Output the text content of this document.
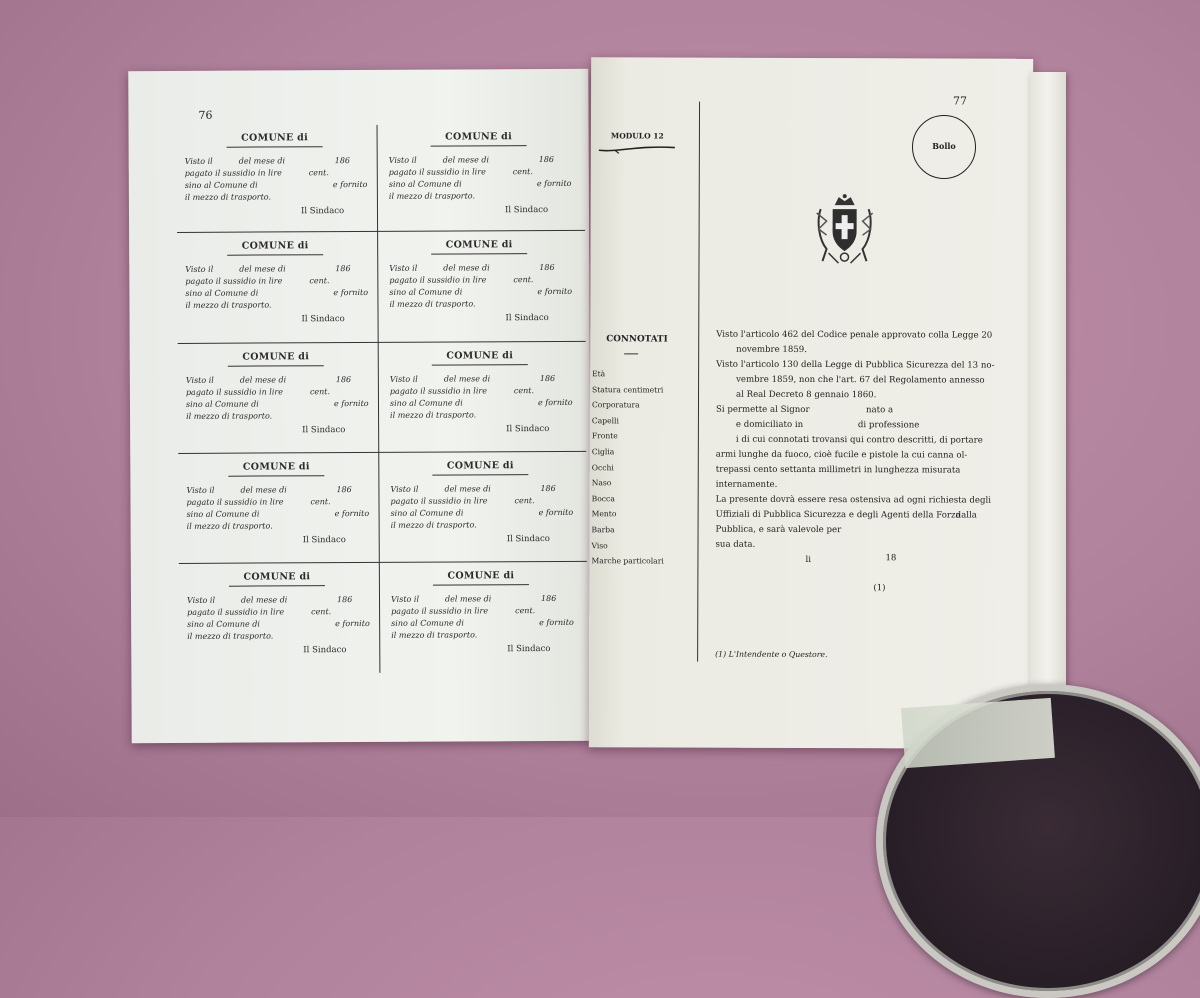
76
COMUNE di
Visto il	del mese di	186
pagato il sussidio in lire	cent.
sino al Comune di	e fornito
il mezzo di trasporto.
Il Sindaco
COMUNE di
Visto il	del mese di	186
pagato il sussidio in lire	cent.
sino al Comune di	e fornito
il mezzo di trasporto.
Il Sindaco
COMUNE di
Visto il	del mese di	186
pagato il sussidio in lire	cent.
sino al Comune di	e fornito
il mezzo di trasporto.
Il Sindaco
COMUNE di
Visto il	del mese di	186
pagato il sussidio in lire	cent.
sino al Comune di	e fornito
il mezzo di trasporto.
Il Sindaco
COMUNE di
Visto il	del mese di	186
pagato il sussidio in lire	cent.
sino al Comune di	e fornito
il mezzo di trasporto.
Il Sindaco
COMUNE di
Visto il	del mese di	186
pagato il sussidio in lire	cent.
sino al Comune di	e fornito
il mezzo di trasporto.
Il Sindaco
COMUNE di
Visto il	del mese di	186
pagato il sussidio in lire	cent.
sino al Comune di	e fornito
il mezzo di trasporto.
Il Sindaco
COMUNE di
Visto il	del mese di	186
pagato il sussidio in lire	cent.
sino al Comune di	e fornito
il mezzo di trasporto.
Il Sindaco
COMUNE di
Visto il	del mese di	186
pagato il sussidio in lire	cent.
sino al Comune di	e fornito
il mezzo di trasporto.
Il Sindaco
COMUNE di
Visto il	del mese di	186
pagato il sussidio in lire	cent.
sino al Comune di	e fornito
il mezzo di trasporto.
Il Sindaco
77
MODULO 12
CONNOTATI
Età
Statura centimetri
Corporatura
Capelli
Fronte
Ciglia
Occhi
Naso
Bocca
Mento
Barba
Viso
Marche particolari
Visto l'articolo 462 del Codice penale approvato colla Legge 20
novembre 1859.
Visto l'articolo 130 della Legge di Pubblica Sicurezza del 13 no-
vembre 1859, non che l'art. 67 del Regolamento annesso
al Real Decreto 8 gennaio 1860.
Si permette al Signor	nato a
e domiciliato in	di professione
i di cui connotati trovansi qui contro descritti, di portare
armi lunghe da fuoco, cioè fucile e pistole la cui canna ol-
trepassi cento settanta millimetri in lunghezza misurata
internamente.
La presente dovrà essere resa ostensiva ad ogni richiesta degli
Uffiziali di Pubblica Sicurezza e degli Agenti della Forza
Pubblica, e sarà valevole per
dalla
sua data.
li	18
(1)
(1) L'Intendente o Questore.
Bollo
